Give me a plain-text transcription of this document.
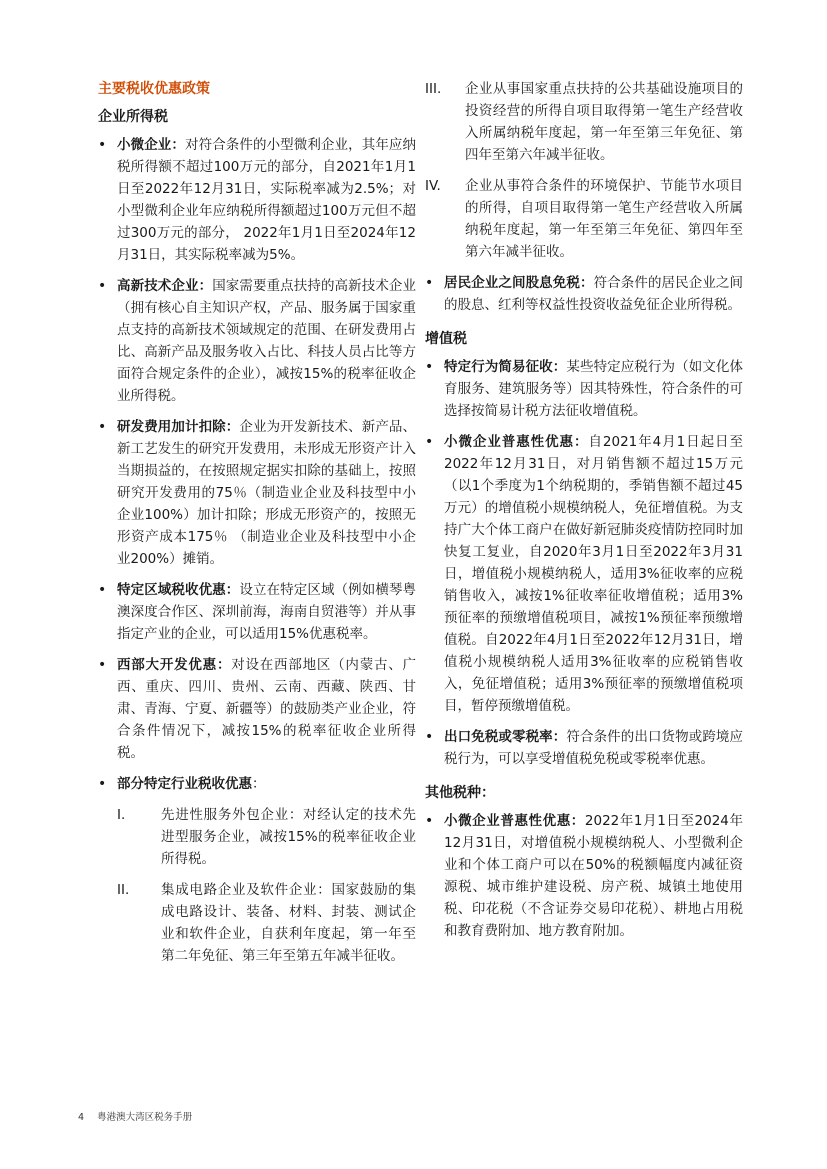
主要税收优惠政策
企业所得税
• 小微企业：对符合条件的小型微利企业，其年应纳税所得额不超过100万元的部分，自2021年1月1日至2022年12月31日，实际税率减为2.5%；对小型微利企业年应纳税所得额超过100万元但不超过300万元的部分， 2022年1月1日至2024年12月31日，其实际税率减为5%。
• 高新技术企业：国家需要重点扶持的高新技术企业（拥有核心自主知识产权，产品、服务属于国家重点支持的高新技术领域规定的范围、在研发费用占比、高新产品及服务收入占比、科技人员占比等方面符合规定条件的企业），减按15%的税率征收企业所得税。
• 研发费用加计扣除：企业为开发新技术、新产品、新工艺发生的研究开发费用，未形成无形资产计入当期损益的，在按照规定据实扣除的基础上，按照研究开发费用的75％（制造业企业及科技型中小企业100%）加计扣除；形成无形资产的，按照无形资产成本175％ （制造业企业及科技型中小企业200%）摊销。
• 特定区域税收优惠：设立在特定区域（例如横琴粤澳深度合作区、深圳前海，海南自贸港等）并从事指定产业的企业，可以适用15%优惠税率。
• 西部大开发优惠：对设在西部地区（内蒙古、广西、重庆、四川、贵州、云南、西藏、陕西、甘肃、青海、宁夏、新疆等）的鼓励类产业企业，符合条件情况下，减按15%的税率征收企业所得税。
• 部分特定行业税收优惠：
I.	先进性服务外包企业：对经认定的技术先进型服务企业，减按15%的税率征收企业所得税。
II. 集成电路企业及软件企业：国家鼓励的集成电路设计、装备、材料、封装、测试企业和软件企业，自获利年度起，第一年至第二年免征、第三年至第五年减半征收。
III. 企业从事国家重点扶持的公共基础设施项目的投资经营的所得自项目取得第一笔生产经营收入所属纳税年度起，第一年至第三年免征、第四年至第六年减半征收。
IV. 企业从事符合条件的环境保护、节能节水项目的所得，自项目取得第一笔生产经营收入所属纳税年度起，第一年至第三年免征、第四年至第六年减半征收。
• 居民企业之间股息免税：符合条件的居民企业之间的股息、红利等权益性投资收益免征企业所得税。
增值税
• 特定行为简易征收：某些特定应税行为（如文化体育服务、建筑服务等）因其特殊性，符合条件的可选择按简易计税方法征收增值税。
• 小微企业普惠性优惠：自2021年4月1日起日至2022年12月31日，对月销售额不超过15万元（以1个季度为1个纳税期的，季销售额不超过45万元）的增值税小规模纳税人，免征增值税。为支持广大个体工商户在做好新冠肺炎疫情防控同时加快复工复业，自2020年3月1日至2022年3月31日，增值税小规模纳税人，适用3%征收率的应税销售收入，减按1%征收率征收增值税；适用3%预征率的预缴增值税项目，减按1%预征率预缴增值税。自2022年4月1日至2022年12月31日，增值税小规模纳税人适用3%征收率的应税销售收入，免征增值税；适用3%预征率的预缴增值税项目，暂停预缴增值税。
• 出口免税或零税率：符合条件的出口货物或跨境应税行为，可以享受增值税免税或零税率优惠。
其他税种：
• 小微企业普惠性优惠：2022年1月1日至2024年12月31日，对增值税小规模纳税人、小型微利企业和个体工商户可以在50%的税额幅度内减征资源税、城市维护建设税、房产税、城镇土地使用税、印花税（不含证券交易印花税）、耕地占用税和教育费附加、地方教育附加。
4 粤港澳大湾区税务手册
